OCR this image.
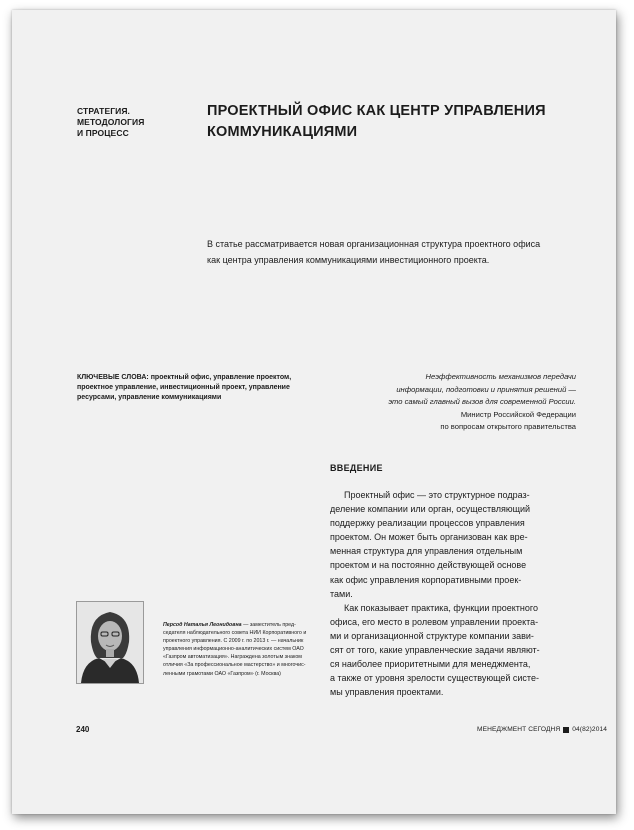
СТРАТЕГИЯ.
МЕТОДОЛОГИЯ
И ПРОЦЕСС
ПРОЕКТНЫЙ ОФИС КАК ЦЕНТР УПРАВЛЕНИЯ
КОММУНИКАЦИЯМИ
В статье рассматривается новая организационная структура проектного офиса
как центра управления коммуникациями инвестиционного проекта.
КЛЮЧЕВЫЕ СЛОВА: проектный офис, управление проектом,
проектное управление, инвестиционный проект, управление
ресурсами, управление коммуникациями
Неэффективность механизмов передачи
информации, подготовки и принятия решений —
это самый главный вызов для современной России.
Министр Российской Федерации
по вопросам открытого правительства
ВВЕДЕНИЕ
Проектный офис — это структурное подраз-
деление компании или орган, осуществляющий
поддержку реализации процессов управления
проектом. Он может быть организован как вре-
менная структура для управления отдельным
проектом и на постоянно действующей основе
как офис управления корпоративными проек-
тами.
Как показывает практика, функции проектного
офиса, его место в ролевом управлении проекта-
ми и организационной структуре компании зави-
сят от того, какие управленческие задачи являют-
ся наиболее приоритетными для менеджмента,
а также от уровня зрелости существующей систе-
мы управления проектами.
Персод Наталья Леонидовна — заместитель пред-
седателя наблюдательного совета НИИ Корпоративного и
проектного управления. С 2009 г. по 2013 г. — начальник
управления информационно-аналитических систем ОАО
«Газпром автоматизация». Награждена золотым знаком
отличия «За профессиональное мастерство» и многочис-
ленными грамотами ОАО «Газпром» (г. Москва)
240	МЕНЕДЖМЕНТ СЕГОДНЯ 04(82)2014
